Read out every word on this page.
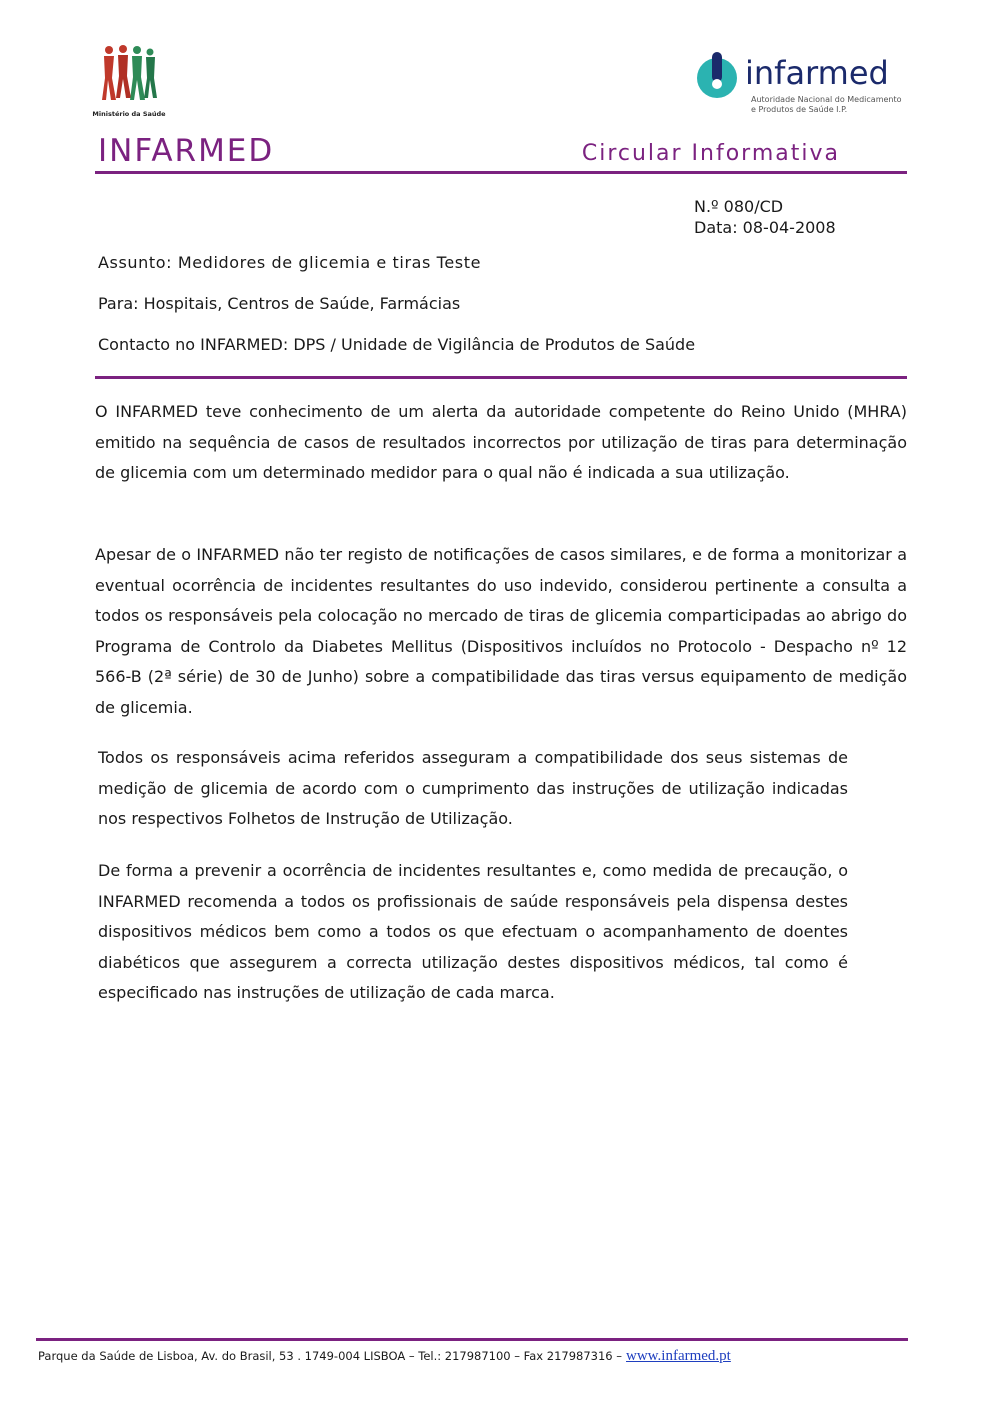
Ministério da Saúde
infarmed
Autoridade Nacional do Medicamento
e Produtos de Saúde I.P.
INFARMED	Circular Informativa
N.º 080/CD
Data: 08-04-2008
Assunto: Medidores de glicemia e tiras Teste
Para: Hospitais, Centros de Saúde, Farmácias
Contacto no INFARMED: DPS / Unidade de Vigilância de Produtos de Saúde

O INFARMED teve conhecimento de um alerta da autoridade competente do Reino Unido (MHRA) emitido na sequência de casos de resultados incorrectos por utilização de tiras para determinação de glicemia com um determinado medidor para o qual não é indicada a sua utilização.

Apesar de o INFARMED não ter registo de notificações de casos similares, e de forma a monitorizar a eventual ocorrência de incidentes resultantes do uso indevido, considerou pertinente a consulta a todos os responsáveis pela colocação no mercado de tiras de glicemia comparticipadas ao abrigo do Programa de Controlo da Diabetes Mellitus (Dispositivos incluídos no Protocolo - Despacho nº 12 566-B (2ª série) de 30 de Junho) sobre a compatibilidade das tiras versus equipamento de medição de glicemia.

Todos os responsáveis acima referidos asseguram a compatibilidade dos seus sistemas de medição de glicemia de acordo com o cumprimento das instruções de utilização indicadas nos respectivos Folhetos de Instrução de Utilização.

De forma a prevenir a ocorrência de incidentes resultantes e, como medida de precaução, o INFARMED recomenda a todos os profissionais de saúde responsáveis pela dispensa destes dispositivos médicos bem como a todos os que efectuam o acompanhamento de doentes diabéticos que assegurem a correcta utilização destes dispositivos médicos, tal como é especificado nas instruções de utilização de cada marca.

Parque da Saúde de Lisboa, Av. do Brasil, 53 . 1749-004 LISBOA – Tel.: 217987100 – Fax 217987316 – www.infarmed.pt
